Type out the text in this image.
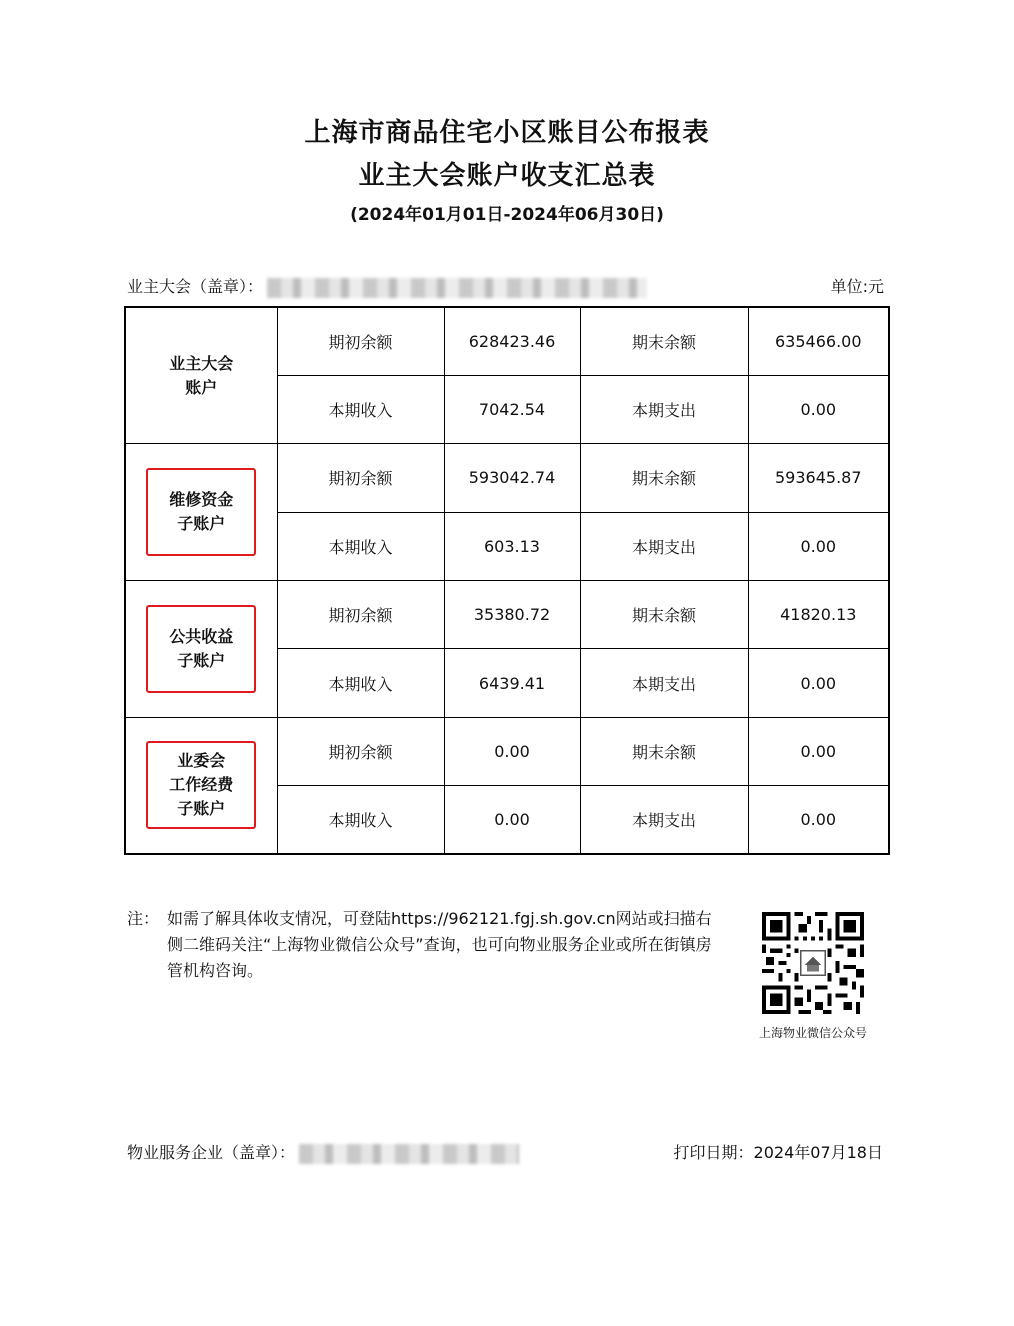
上海市商品住宅小区账目公布报表
业主大会账户收支汇总表
(2024年01月01日-2024年06月30日)
业主大会（盖章）：	单位:元
业主大会
账户	期初余额	628423.46	期末余额	635466.00
	本期收入	7042.54	本期支出	0.00

维修资金
子账户	期初余额	593042.74	期末余额	593645.87
	本期收入	603.13	本期支出	0.00

公共收益
子账户	期初余额	35380.72	期末余额	41820.13
	本期收入	6439.41	本期支出	0.00

业委会
工作经费
子账户	期初余额	0.00	期末余额	0.00
	本期收入	0.00	本期支出	0.00
注： 如需了解具体收支情况，可登陆https://962121.fgj.sh.gov.cn网站或扫描右侧二维码关注“上海物业微信公众号”查询，也可向物业服务企业或所在街镇房管机构咨询。
上海物业微信公众号
物业服务企业（盖章）：	打印日期：2024年07月18日
